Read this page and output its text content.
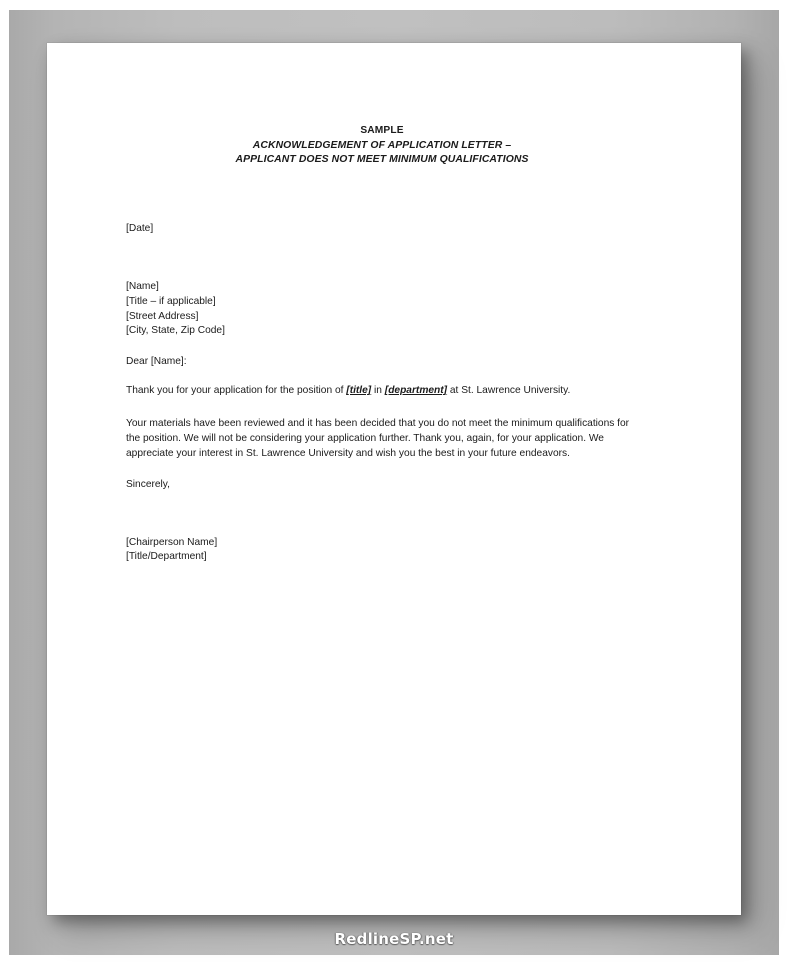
SAMPLE
ACKNOWLEDGEMENT OF APPLICATION LETTER –
APPLICANT DOES NOT MEET MINIMUM QUALIFICATIONS
[Date]
[Name]
[Title – if applicable]
[Street Address]
[City, State, Zip Code]
Dear [Name]:
Thank you for your application for the position of [title] in [department] at St. Lawrence University.
Your materials have been reviewed and it has been decided that you do not meet the minimum qualifications for the position. We will not be considering your application further. Thank you, again, for your application. We appreciate your interest in St. Lawrence University and wish you the best in your future endeavors.
Sincerely,
[Chairperson Name]
[Title/Department]
RedlineSP.net
